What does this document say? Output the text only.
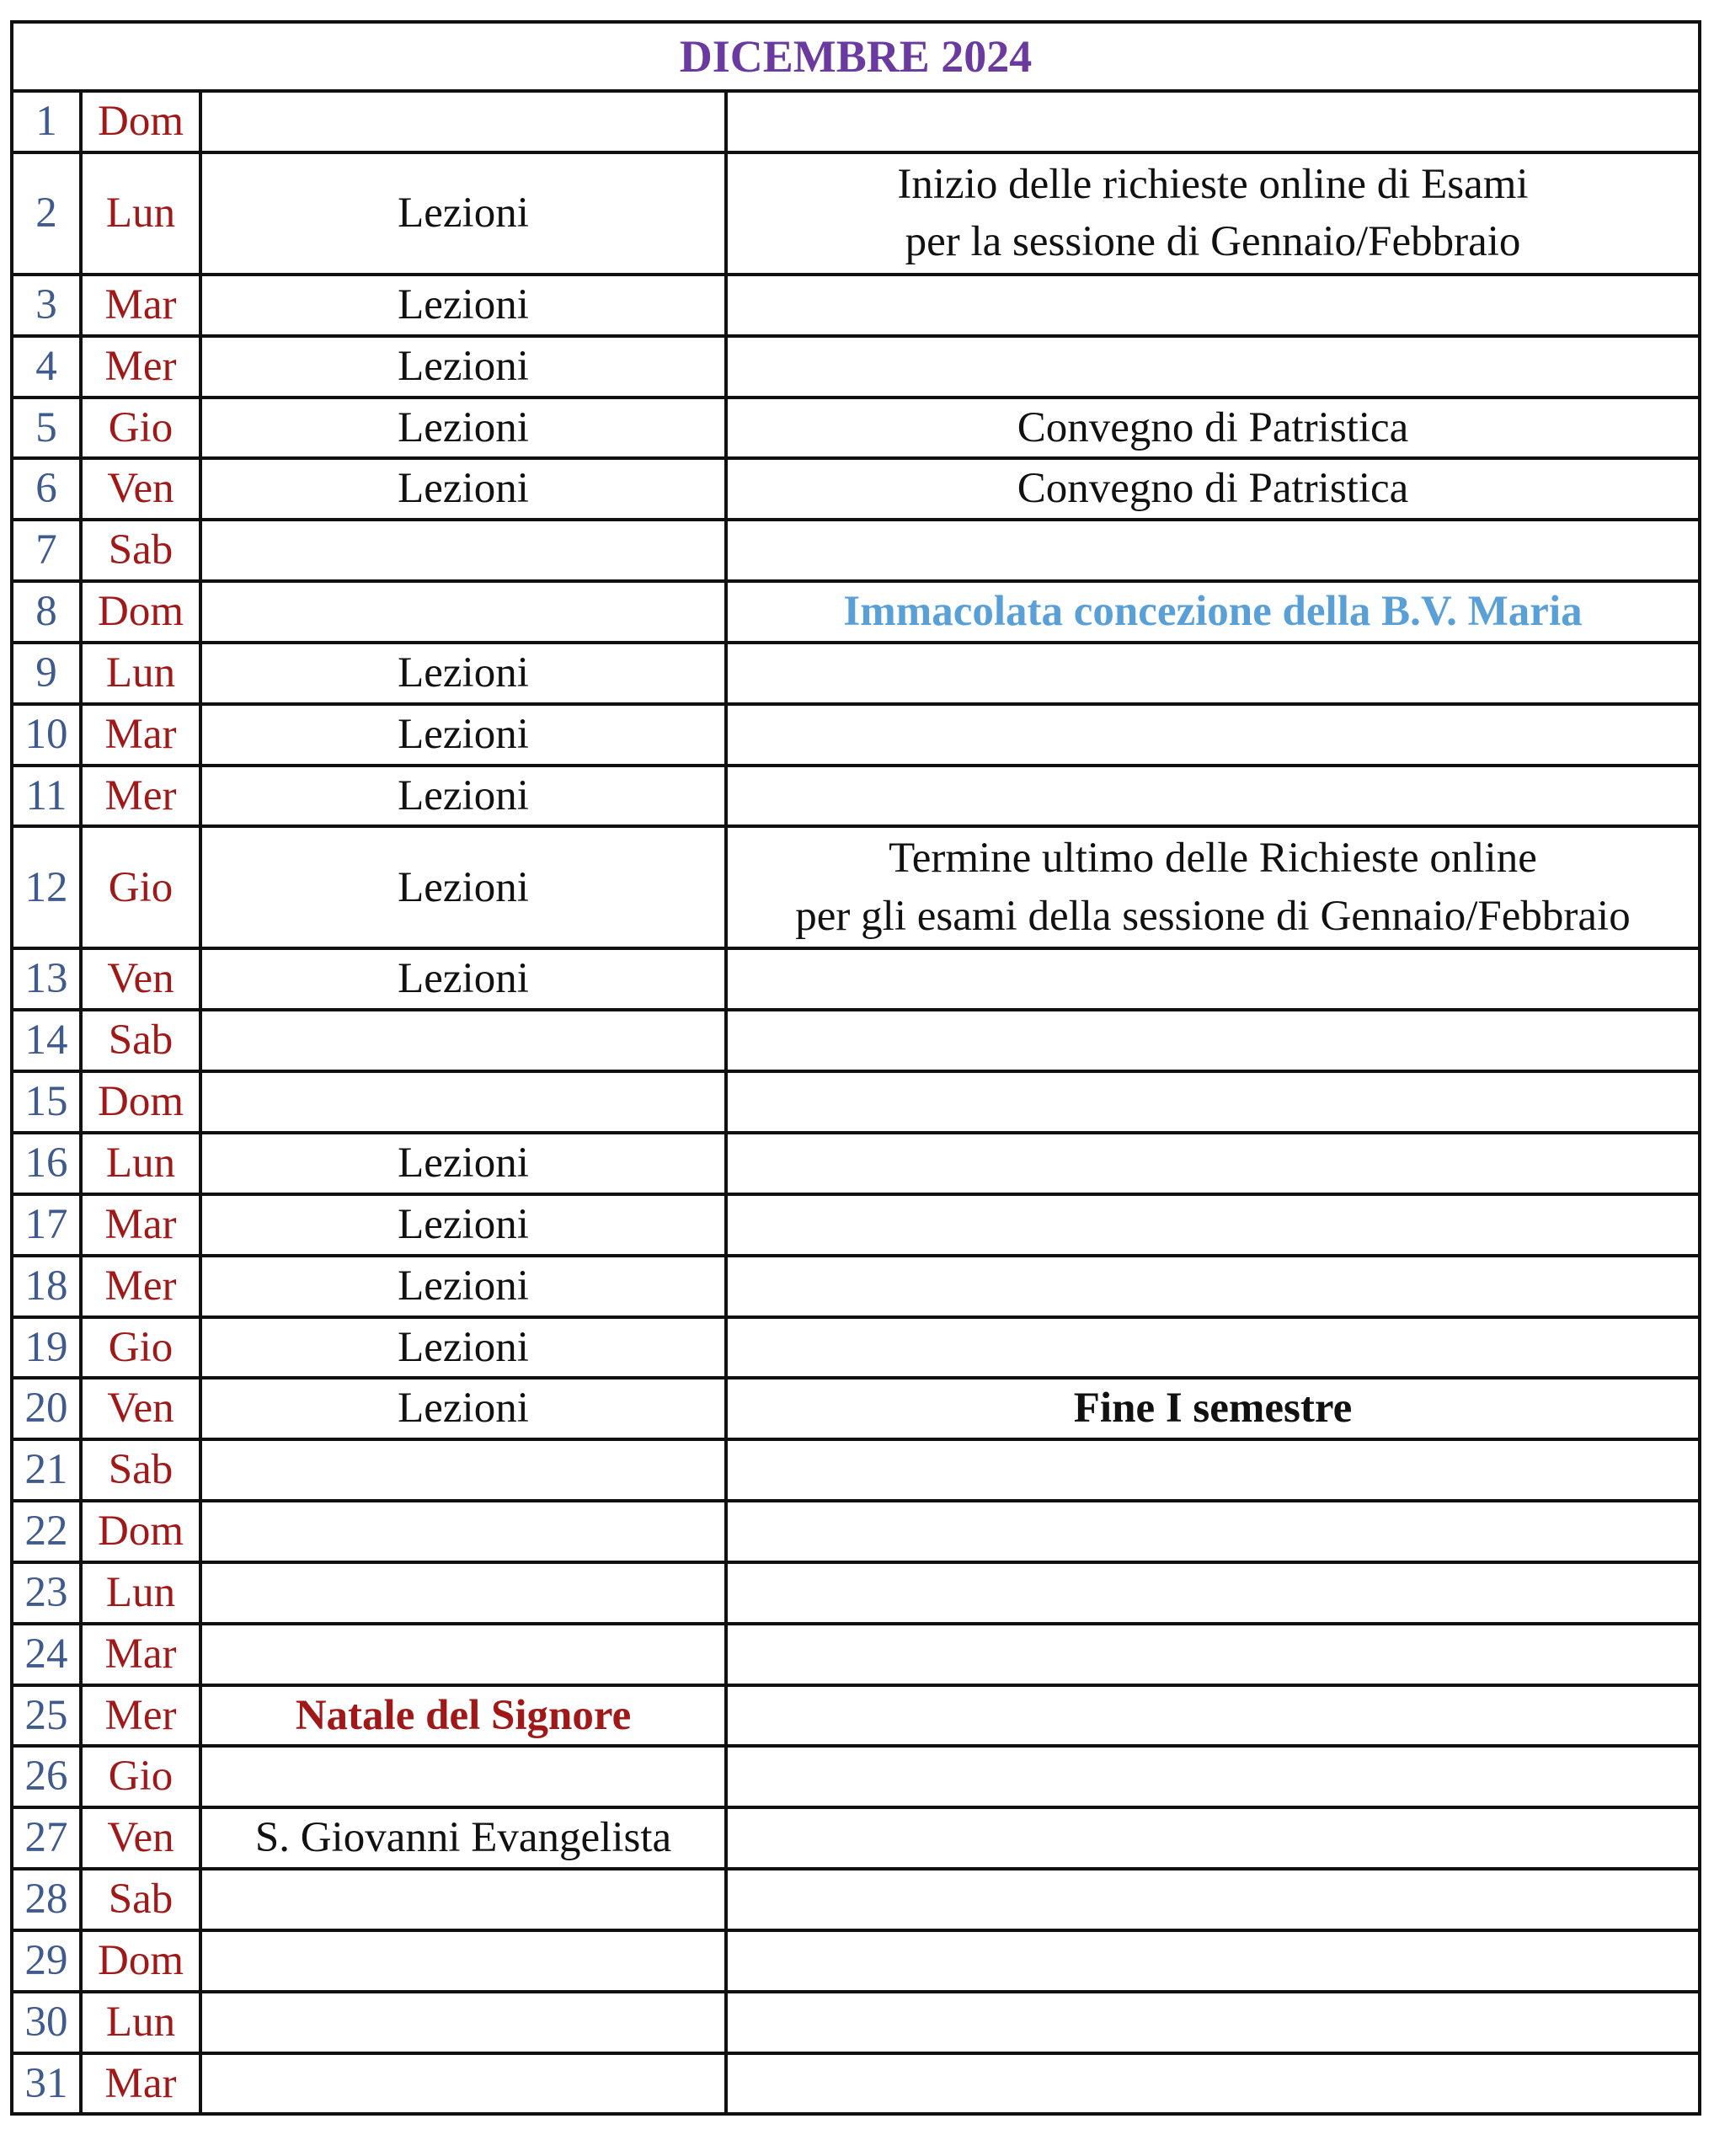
DICEMBRE 2024			
1	Dom		
2	Lun	Lezioni	Inizio delle richieste online di Esami
per la sessione di Gennaio/Febbraio

3	Mar	Lezioni	
4	Mer	Lezioni	
5	Gio	Lezioni	Convegno di Patristica

6	Ven	Lezioni	Convegno di Patristica

7	Sab		
8	Dom		Immacolata concezione della B.V. Maria

9	Lun	Lezioni	
10	Mar	Lezioni	
11	Mer	Lezioni	
12	Gio	Lezioni	Termine ultimo delle Richieste online
per gli esami della sessione di Gennaio/Febbraio

13	Ven	Lezioni	
14	Sab		
15	Dom		
16	Lun	Lezioni	
17	Mar	Lezioni	
18	Mer	Lezioni	
19	Gio	Lezioni	
20	Ven	Lezioni	Fine I semestre

21	Sab		
22	Dom		
23	Lun		
24	Mar		
25	Mer	Natale del Signore	
26	Gio		
27	Ven	S. Giovanni Evangelista	
28	Sab		
29	Dom		
30	Lun		
31	Mar		
